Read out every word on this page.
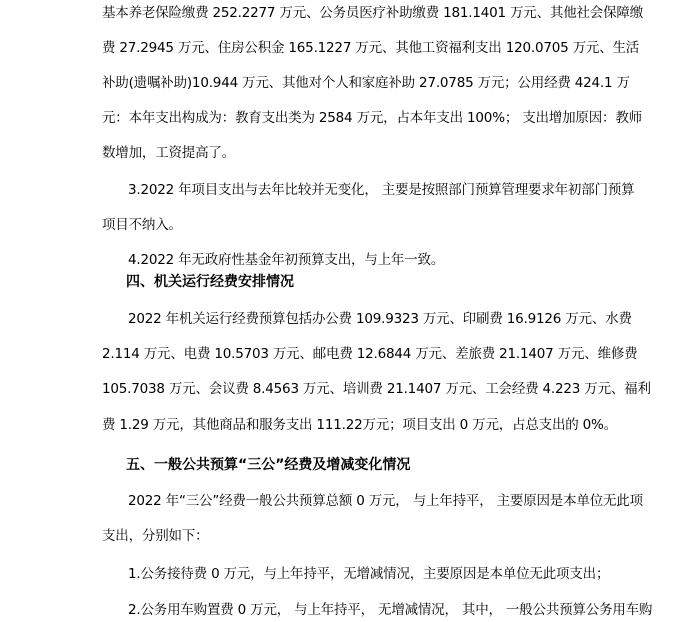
基本养老保险缴费 252.2277 万元、公务员医疗补助缴费 181.1401 万元、其他社会保障缴
费 27.2945 万元、住房公积金 165.1227 万元、其他工资福利支出 120.0705 万元、生活
补助(遗嘱补助)10.944 万元、其他对个人和家庭补助 27.0785 万元；公用经费 424.1 万
元：本年支出构成为：教育支出类为 2584 万元，占本年支出 100%； 支出增加原因：教师
数增加，工资提高了。
3.2022 年项目支出与去年比较并无变化， 主要是按照部门预算管理要求年初部门预算
项目不纳入。
4.2022 年无政府性基金年初预算支出，与上年一致。
四、机关运行经费安排情况
2022 年机关运行经费预算包括办公费 109.9323 万元、印刷费 16.9126 万元、水费
2.114 万元、电费 10.5703 万元、邮电费 12.6844 万元、差旅费 21.1407 万元、维修费
105.7038 万元、会议费 8.4563 万元、培训费 21.1407 万元、工会经费 4.223 万元、福利
费 1.29 万元，其他商品和服务支出 111.22万元；项目支出 0 万元，占总支出的 0%。
五、一般公共预算“三公”经费及增减变化情况
2022 年“三公”经费一般公共预算总额 0 万元， 与上年持平， 主要原因是本单位无此项
支出，分别如下：
1.公务接待费 0 万元，与上年持平，无增减情况，主要原因是本单位无此项支出；
2.公务用车购置费 0 万元， 与上年持平， 无增减情况， 其中， 一般公共预算公务用车购
